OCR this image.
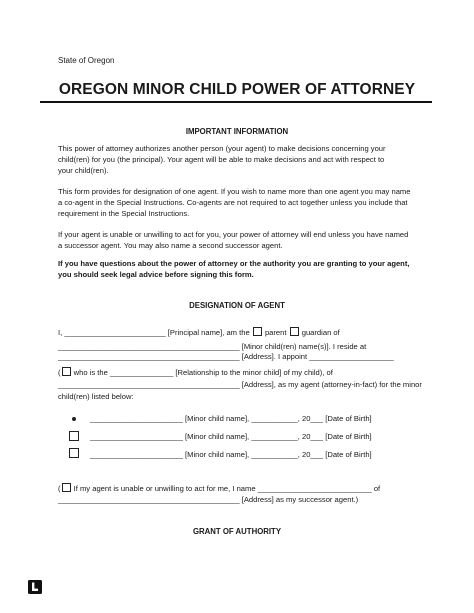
State of Oregon
OREGON MINOR CHILD POWER OF ATTORNEY
IMPORTANT INFORMATION
This power of attorney authorizes another person (your agent) to make decisions concerning your
child(ren) for you (the principal). Your agent will be able to make decisions and act with respect to
your child(ren).
This form provides for designation of one agent. If you wish to name more than one agent you may name
a co-agent in the Special Instructions. Co-agents are not required to act together unless you include that
requirement in the Special Instructions.
If your agent is unable or unwilling to act for you, your power of attorney will end unless you have named
a successor agent. You may also name a second successor agent.
If you have questions about the power of attorney or the authority you are granting to your agent,
you should seek legal advice before signing this form.
DESIGNATION OF AGENT
I, ________________________ [Principal name], am the parent guardian of
___________________________________________ [Minor child(ren) name(s)]. I reside at
___________________________________________ [Address]. I appoint ____________________
( who is the _______________ [Relationship to the minor child] of my child), of
___________________________________________ [Address], as my agent (attorney-in-fact) for the minor
child(ren) listed below:
______________________ [Minor child name], ___________, 20___ [Date of Birth]
______________________ [Minor child name], ___________, 20___ [Date of Birth]
______________________ [Minor child name], ___________, 20___ [Date of Birth]
( If my agent is unable or unwilling to act for me, I name ___________________________ of
___________________________________________ [Address] as my successor agent.)
GRANT OF AUTHORITY
